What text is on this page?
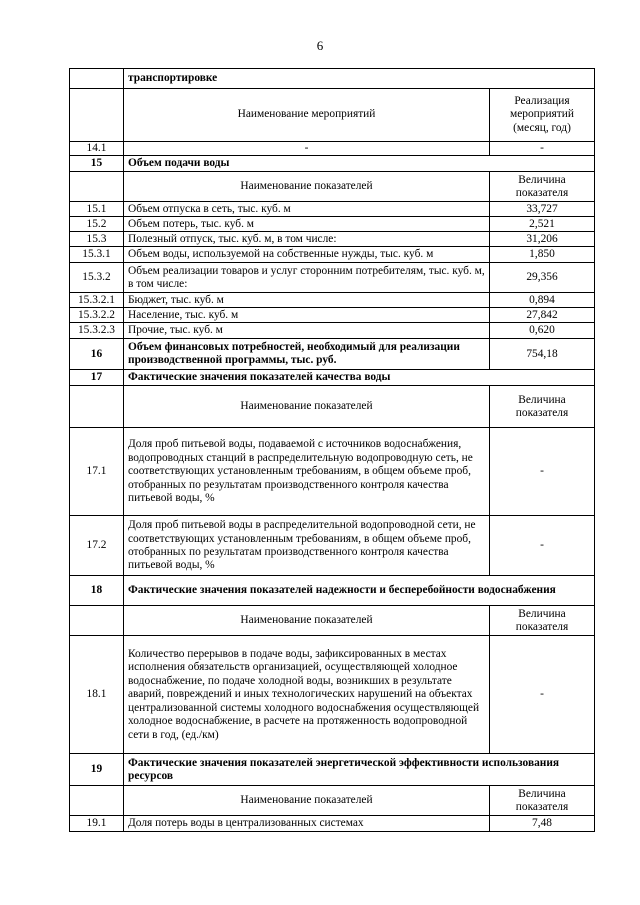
6
	транспортировке	
	Наименование мероприятий	Реализация мероприятий (месяц, год)
14.1	-	-
15	Объем подачи воды	
	Наименование показателей	Величина показателя
15.1	Объем отпуска в сеть, тыс. куб. м	33,727
15.2	Объем потерь, тыс. куб. м	2,521
15.3	Полезный отпуск, тыс. куб. м, в том числе:	31,206
15.3.1	Объем воды, используемой на собственные нужды, тыс. куб. м	1,850
15.3.2	Объем реализации товаров и услуг сторонним потребителям, тыс. куб. м, в том числе:	29,356
15.3.2.1	Бюджет, тыс. куб. м	0,894
15.3.2.2	Население, тыс. куб. м	27,842
15.3.2.3	Прочие, тыс. куб. м	0,620
16	Объем финансовых потребностей, необходимый для реализации производственной программы, тыс. руб.	754,18
17	Фактические значения показателей качества воды	
	Наименование показателей	Величина показателя
17.1	Доля проб питьевой воды, подаваемой с источников водоснабжения, водопроводных станций в распределительную водопроводную сеть, не соответствующих установленным требованиям, в общем объеме проб, отобранных по результатам производственного контроля качества питьевой воды, %	-
17.2	Доля проб питьевой воды в распределительной водопроводной сети, не соответствующих установленным требованиям, в общем объеме проб, отобранных по результатам производственного контроля качества питьевой воды, %	-
18	Фактические значения показателей надежности и бесперебойности водоснабжения	
	Наименование показателей	Величина показателя
18.1	Количество перерывов в подаче воды, зафиксированных в местах исполнения обязательств организацией, осуществляющей холодное водоснабжение, по подаче холодной воды, возникших в результате аварий, повреждений и иных технологических нарушений на объектах централизованной системы холодного водоснабжения осуществляющей холодное водоснабжение, в расчете на протяженность водопроводной сети в год, (ед./км)	-
19	Фактические значения показателей энергетической эффективности использования ресурсов	
	Наименование показателей	Величина показателя
19.1	Доля потерь воды в централизованных системах	7,48
